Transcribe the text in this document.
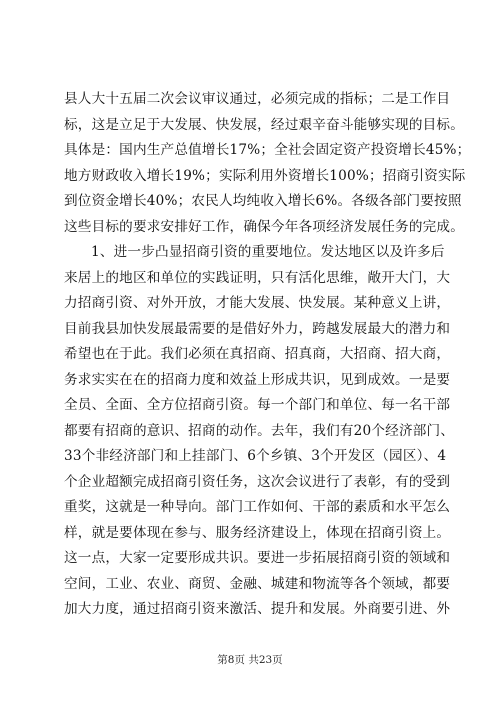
县人大十五届二次会议审议通过，必须完成的指标；二是工作目
标，这是立足于大发展、快发展，经过艰辛奋斗能够实现的目标。
具体是：国内生产总值增长17%；全社会固定资产投资增长45%；
地方财政收入增长19%；实际利用外资增长100%；招商引资实际
到位资金增长40%；农民人均纯收入增长6%。各级各部门要按照
这些目标的要求安排好工作，确保今年各项经济发展任务的完成。
1、进一步凸显招商引资的重要地位。发达地区以及许多后
来居上的地区和单位的实践证明，只有活化思维，敞开大门，大
力招商引资、对外开放，才能大发展、快发展。某种意义上讲，
目前我县加快发展最需要的是借好外力，跨越发展最大的潜力和
希望也在于此。我们必须在真招商、招真商，大招商、招大商，
务求实实在在的招商力度和效益上形成共识，见到成效。一是要
全员、全面、全方位招商引资。每一个部门和单位、每一名干部
都要有招商的意识、招商的动作。去年，我们有20个经济部门、
33个非经济部门和上挂部门、6个乡镇、3个开发区（园区）、4
个企业超额完成招商引资任务，这次会议进行了表彰，有的受到
重奖，这就是一种导向。部门工作如何、干部的素质和水平怎么
样，就是要体现在参与、服务经济建设上，体现在招商引资上。
这一点，大家一定要形成共识。要进一步拓展招商引资的领域和
空间，工业、农业、商贸、金融、城建和物流等各个领域，都要
加大力度，通过招商引资来激活、提升和发展。外商要引进、外
第8页 共23页
